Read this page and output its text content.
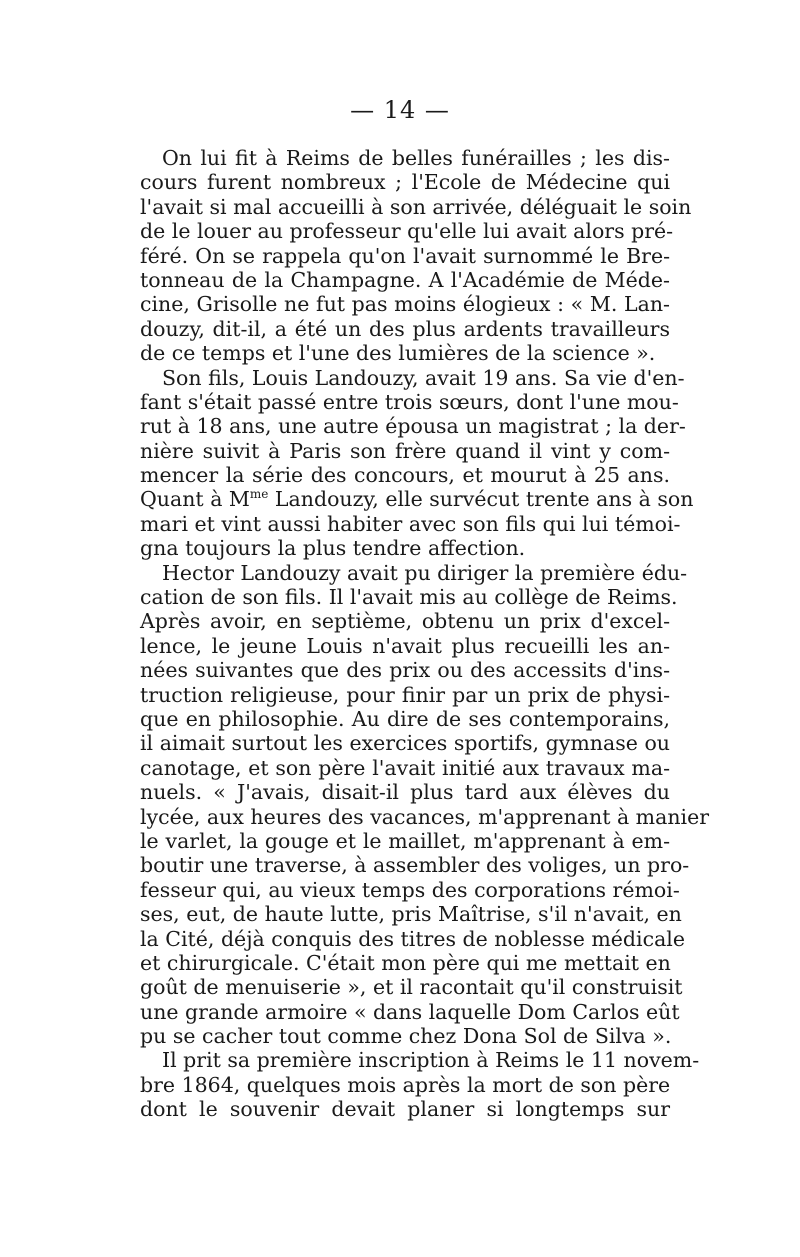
— 14 —
On lui fit à Reims de belles funérailles ; les dis-
cours furent nombreux ; l'Ecole de Médecine qui
l'avait si mal accueilli à son arrivée, déléguait le soin
de le louer au professeur qu'elle lui avait alors pré-
féré. On se rappela qu'on l'avait surnommé le Bre-
tonneau de la Champagne. A l'Académie de Méde-
cine, Grisolle ne fut pas moins élogieux : « M. Lan-
douzy, dit-il, a été un des plus ardents travailleurs
de ce temps et l'une des lumières de la science ».
Son fils, Louis Landouzy, avait 19 ans. Sa vie d'en-
fant s'était passé entre trois sœurs, dont l'une mou-
rut à 18 ans, une autre épousa un magistrat ; la der-
nière suivit à Paris son frère quand il vint y com-
mencer la série des concours, et mourut à 25 ans.
Quant à $M^{me}$ Landouzy, elle survécut trente ans à son
mari et vint aussi habiter avec son fils qui lui témoi-
gna toujours la plus tendre affection.
Hector Landouzy avait pu diriger la première édu-
cation de son fils. Il l'avait mis au collège de Reims.
Après avoir, en septième, obtenu un prix d'excel-
lence, le jeune Louis n'avait plus recueilli les an-
nées suivantes que des prix ou des accessits d'ins-
truction religieuse, pour finir par un prix de physi-
que en philosophie. Au dire de ses contemporains,
il aimait surtout les exercices sportifs, gymnase ou
canotage, et son père l'avait initié aux travaux ma-
nuels. « J'avais, disait-il plus tard aux élèves du
lycée, aux heures des vacances, m'apprenant à manier
le varlet, la gouge et le maillet, m'apprenant à em-
boutir une traverse, à assembler des voliges, un pro-
fesseur qui, au vieux temps des corporations rémoi-
ses, eut, de haute lutte, pris Maîtrise, s'il n'avait, en
la Cité, déjà conquis des titres de noblesse médicale
et chirurgicale. C'était mon père qui me mettait en
goût de menuiserie », et il racontait qu'il construisit
une grande armoire « dans laquelle Dom Carlos eût
pu se cacher tout comme chez Dona Sol de Silva ».
Il prit sa première inscription à Reims le 11 novem-
bre 1864, quelques mois après la mort de son père
dont le souvenir devait planer si longtemps sur
